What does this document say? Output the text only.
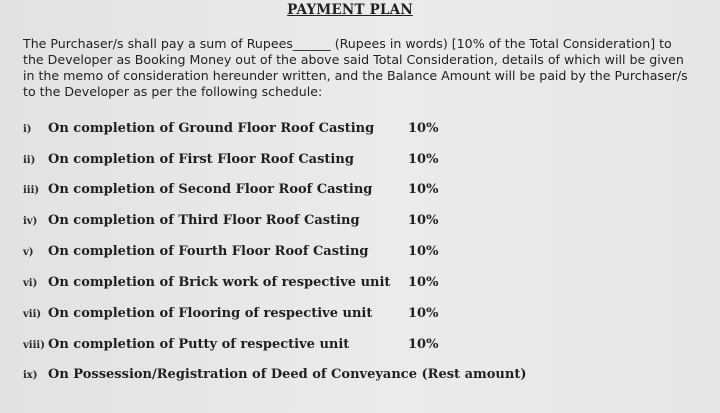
PAYMENT PLAN
The Purchaser/s shall pay a sum of Rupees______ (Rupees in words) [10% of the Total Consideration] to
the Developer as Booking Money out of the above said Total Consideration, details of which will be given
in the memo of consideration hereunder written, and the Balance Amount will be paid by the Purchaser/s
to the Developer as per the following schedule:
i) On completion of Ground Floor Roof Casting	10%
ii) On completion of First Floor Roof Casting	10%
iii) On completion of Second Floor Roof Casting	10%
iv) On completion of Third Floor Roof Casting	10%
v) On completion of Fourth Floor Roof Casting	10%
vi) On completion of Brick work of respective unit 10%
vii) On completion of Flooring of respective unit	10%
viii) On completion of Putty of respective unit	10%
ix) On Possession/Registration of Deed of Conveyance (Rest amount)
